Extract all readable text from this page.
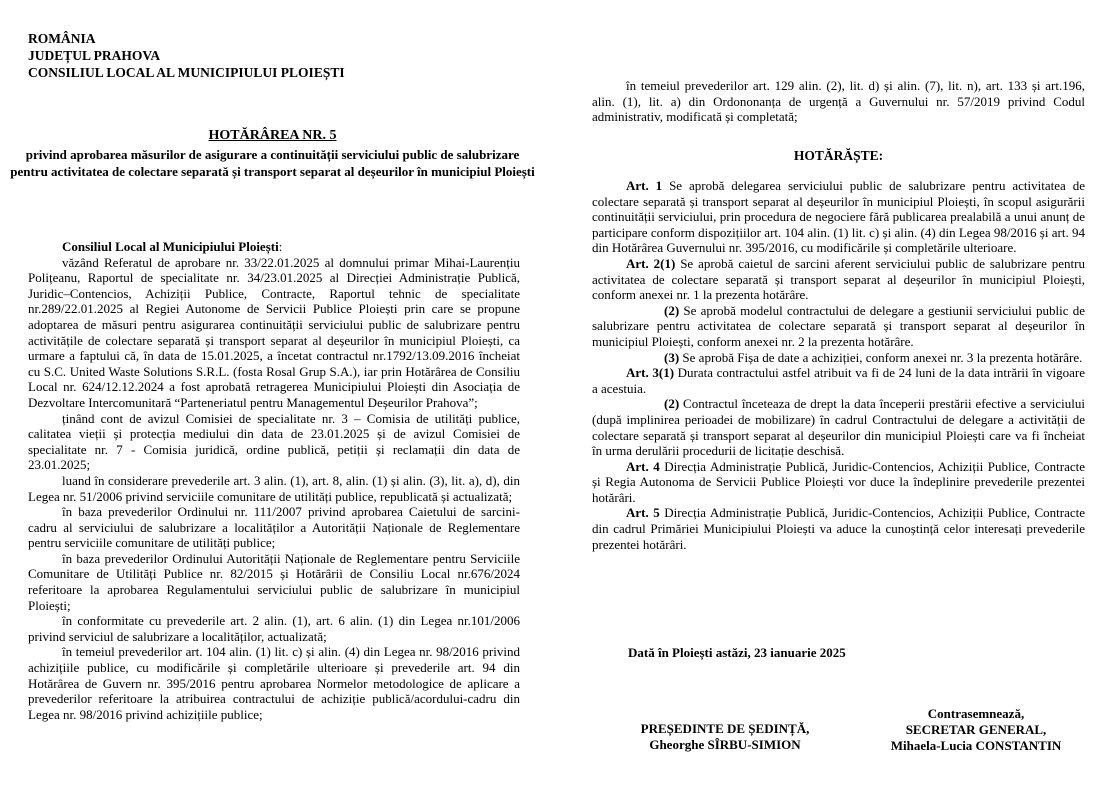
ROMÂNIA
JUDEȚUL PRAHOVA
CONSILIUL LOCAL AL MUNICIPIULUI PLOIEȘTI
HOTĂRÂREA NR. 5
privind aprobarea măsurilor de asigurare a continuității serviciului public de salubrizare pentru activitatea de colectare separată și transport separat al deșeurilor în municipiul Ploiești

Consiliul Local al Municipiului Ploiești:

văzând Referatul de aprobare nr. 33/22.01.2025 al domnului primar Mihai-Laurențiu Polițeanu, Raportul de specialitate nr. 34/23.01.2025 al Direcției Administrație Publică, Juridic–Contencios, Achiziții Publice, Contracte, Raportul tehnic de specialitate nr.289/22.01.2025 al Regiei Autonome de Servicii Publice Ploiești prin care se propune adoptarea de măsuri pentru asigurarea continuității serviciului public de salubrizare pentru activitățile de colectare separată și transport separat al deșeurilor în municipiul Ploiești, ca urmare a faptului că, în data de 15.01.2025, a încetat contractul nr.1792/13.09.2016 încheiat cu S.C. United Waste Solutions S.R.L. (fosta Rosal Grup S.A.), iar prin Hotărârea de Consiliu Local nr. 624/12.12.2024 a fost aprobată retragerea Municipiului Ploiești din Asociația de Dezvoltare Intercomunitară “Parteneriatul pentru Managementul Deșeurilor Prahova”;

ținând cont de avizul Comisiei de specialitate nr. 3 – Comisia de utilități publice, calitatea vieții și protecția mediului din data de 23.01.2025 și de avizul Comisiei de specialitate nr. 7 - Comisia juridică, ordine publică, petiții și reclamații din data de 23.01.2025;

luand în considerare prevederile art. 3 alin. (1), art. 8, alin. (1) și alin. (3), lit. a), d), din Legea nr. 51/2006 privind serviciile comunitare de utilități publice, republicată și actualizată;

în baza prevederilor Ordinului nr. 111/2007 privind aprobarea Caietului de sarcini-cadru al serviciului de salubrizare a localităților a Autorității Naționale de Reglementare pentru serviciile comunitare de utilități publice;

în baza prevederilor Ordinului Autorității Naționale de Reglementare pentru Serviciile Comunitare de Utilități Publice nr. 82/2015 și Hotărârii de Consiliu Local nr.676/2024 referitoare la aprobarea Regulamentului serviciului public de salubrizare în municipiul Ploiești;

în conformitate cu prevederile art. 2 alin. (1), art. 6 alin. (1) din Legea nr.101/2006 privind serviciul de salubrizare a localităților, actualizată;

în temeiul prevederilor art. 104 alin. (1) lit. c) și alin. (4) din Legea nr. 98/2016 privind achizițiile publice, cu modificările și completările ulterioare și prevederile art. 94 din Hotărârea de Guvern nr. 395/2016 pentru aprobarea Normelor metodologice de aplicare a prevederilor referitoare la atribuirea contractului de achiziție publică/acordului-cadru din Legea nr. 98/2016 privind achizițiile publice;

în temeiul prevederilor art. 129 alin. (2), lit. d) și alin. (7), lit. n), art. 133 și art.196, alin. (1), lit. a) din Ordononanța de urgență a Guvernului nr. 57/2019 privind Codul administrativ, modificată și completată;

HOTĂRĂȘTE:

Art. 1 Se aprobă delegarea serviciului public de salubrizare pentru activitatea de colectare separată și transport separat al deșeurilor în municipiul Ploiești, în scopul asigurării continuității serviciului, prin procedura de negociere fără publicarea prealabilă a unui anunț de participare conform dispozițiilor art. 104 alin. (1) lit. c) și alin. (4) din Legea 98/2016 și art. 94 din Hotărârea Guvernului nr. 395/2016, cu modificările și completările ulterioare.

Art. 2(1) Se aprobă caietul de sarcini aferent serviciului public de salubrizare pentru activitatea de colectare separată și transport separat al deșeurilor în municipiul Ploiești, conform anexei nr. 1 la prezenta hotărâre.

(2) Se aprobă modelul contractului de delegare a gestiunii serviciului public de salubrizare pentru activitatea de colectare separată și transport separat al deșeurilor în municipiul Ploiești, conform anexei nr. 2 la prezenta hotărâre.

(3) Se aprobă Fișa de date a achiziției, conform anexei nr. 3 la prezenta hotărâre.

Art. 3(1) Durata contractului astfel atribuit va fi de 24 luni de la data intrării în vigoare a acestuia.

(2) Contractul înceteaza de drept la data începerii prestării efective a serviciului (după implinirea perioadei de mobilizare) în cadrul Contractului de delegare a activității de colectare separată și transport separat al deșeurilor din municipiul Ploiești care va fi încheiat în urma derulării procedurii de licitație deschisă.

Art. 4 Direcția Administrație Publică, Juridic-Contencios, Achiziții Publice, Contracte și Regia Autonoma de Servicii Publice Ploiești vor duce la îndeplinire prevederile prezentei hotărâri.

Art. 5 Direcția Administrație Publică, Juridic-Contencios, Achiziții Publice, Contracte din cadrul Primăriei Municipiului Ploiești va aduce la cunoștință celor interesați prevederile prezentei hotărâri.

Dată în Ploiești astăzi, 23 ianuarie 2025
PREȘEDINTE DE ȘEDINȚĂ,
Gheorghe SÎRBU-SIMION
Contrasemnează,
SECRETAR GENERAL,
Mihaela-Lucia CONSTANTIN
